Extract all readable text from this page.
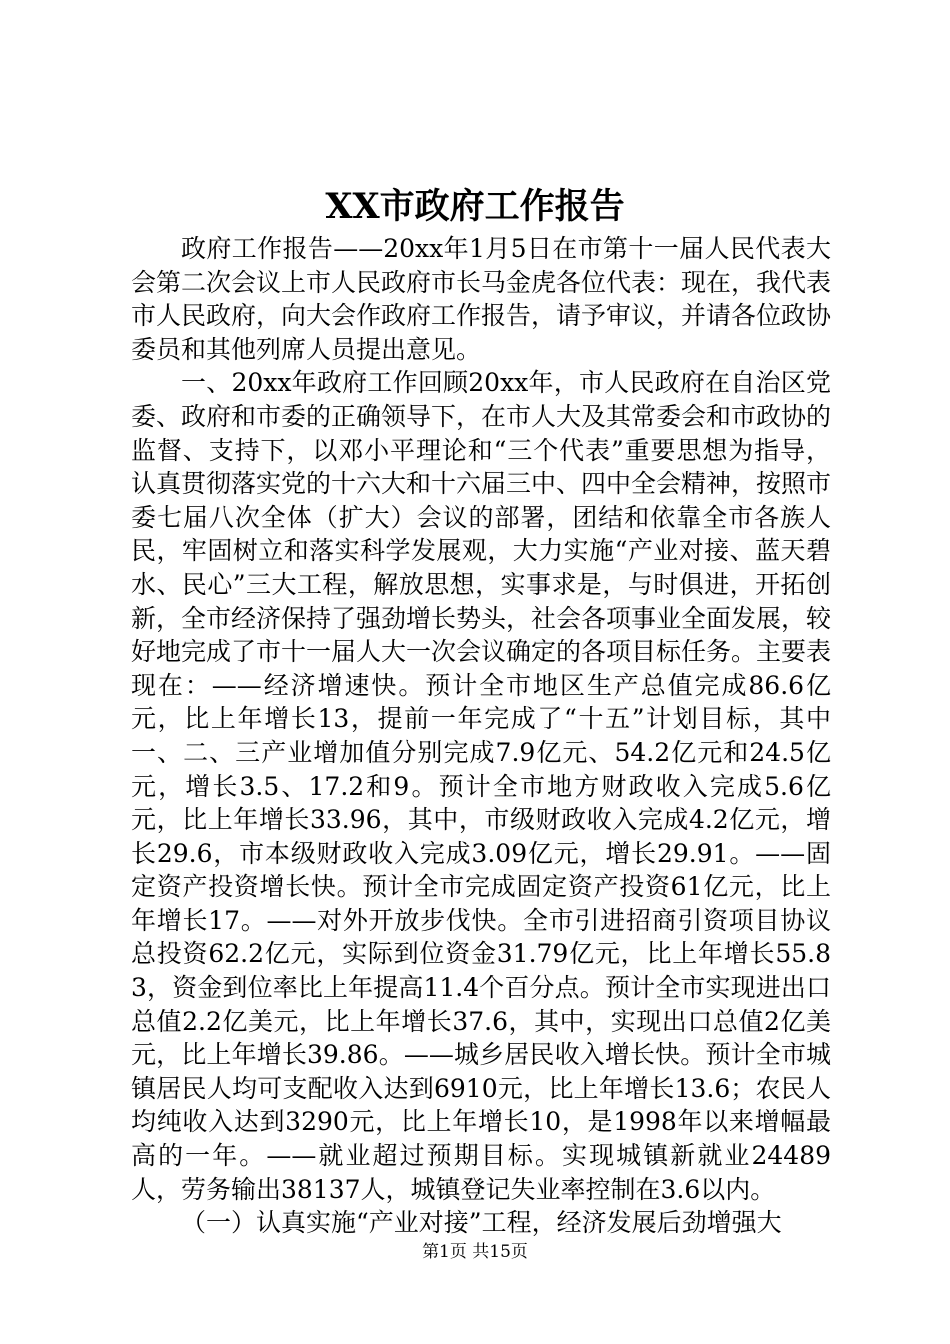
XX市政府工作报告

政府工作报告——20xx年1月5日在市第十一届人民代表大会第二次会议上市人民政府市长马金虎各位代表：现在，我代表市人民政府，向大会作政府工作报告，请予审议，并请各位政协委员和其他列席人员提出意见。

一、20xx年政府工作回顾20xx年，市人民政府在自治区党委、政府和市委的正确领导下，在市人大及其常委会和市政协的监督、支持下，以邓小平理论和“三个代表”重要思想为指导，认真贯彻落实党的十六大和十六届三中、四中全会精神，按照市委七届八次全体（扩大）会议的部署，团结和依靠全市各族人民，牢固树立和落实科学发展观，大力实施“产业对接、蓝天碧水、民心”三大工程，解放思想，实事求是，与时俱进，开拓创新，全市经济保持了强劲增长势头，社会各项事业全面发展，较好地完成了市十一届人大一次会议确定的各项目标任务。主要表现在：——经济增速快。预计全市地区生产总值完成86.6亿元，比上年增长13，提前一年完成了“十五”计划目标，其中一、二、三产业增加值分别完成7.9亿元、54.2亿元和24.5亿元，增长3.5、17.2和9。预计全市地方财政收入完成5.6亿元，比上年增长33.96，其中，市级财政收入完成4.2亿元，增长29.6，市本级财政收入完成3.09亿元，增长29.91。——固定资产投资增长快。预计全市完成固定资产投资61亿元，比上年增长17。——对外开放步伐快。全市引进招商引资项目协议总投资62.2亿元，实际到位资金31.79亿元，比上年增长55.83，资金到位率比上年提高11.4个百分点。预计全市实现进出口总值2.2亿美元，比上年增长37.6，其中，实现出口总值2亿美元，比上年增长39.86。——城乡居民收入增长快。预计全市城镇居民人均可支配收入达到6910元，比上年增长13.6；农民人均纯收入达到3290元，比上年增长10，是1998年以来增幅最高的一年。——就业超过预期目标。实现城镇新就业24489人，劳务输出38137人，城镇登记失业率控制在3.6以内。

（一）认真实施“产业对接”工程，经济发展后劲增强大

第1页 共15页
